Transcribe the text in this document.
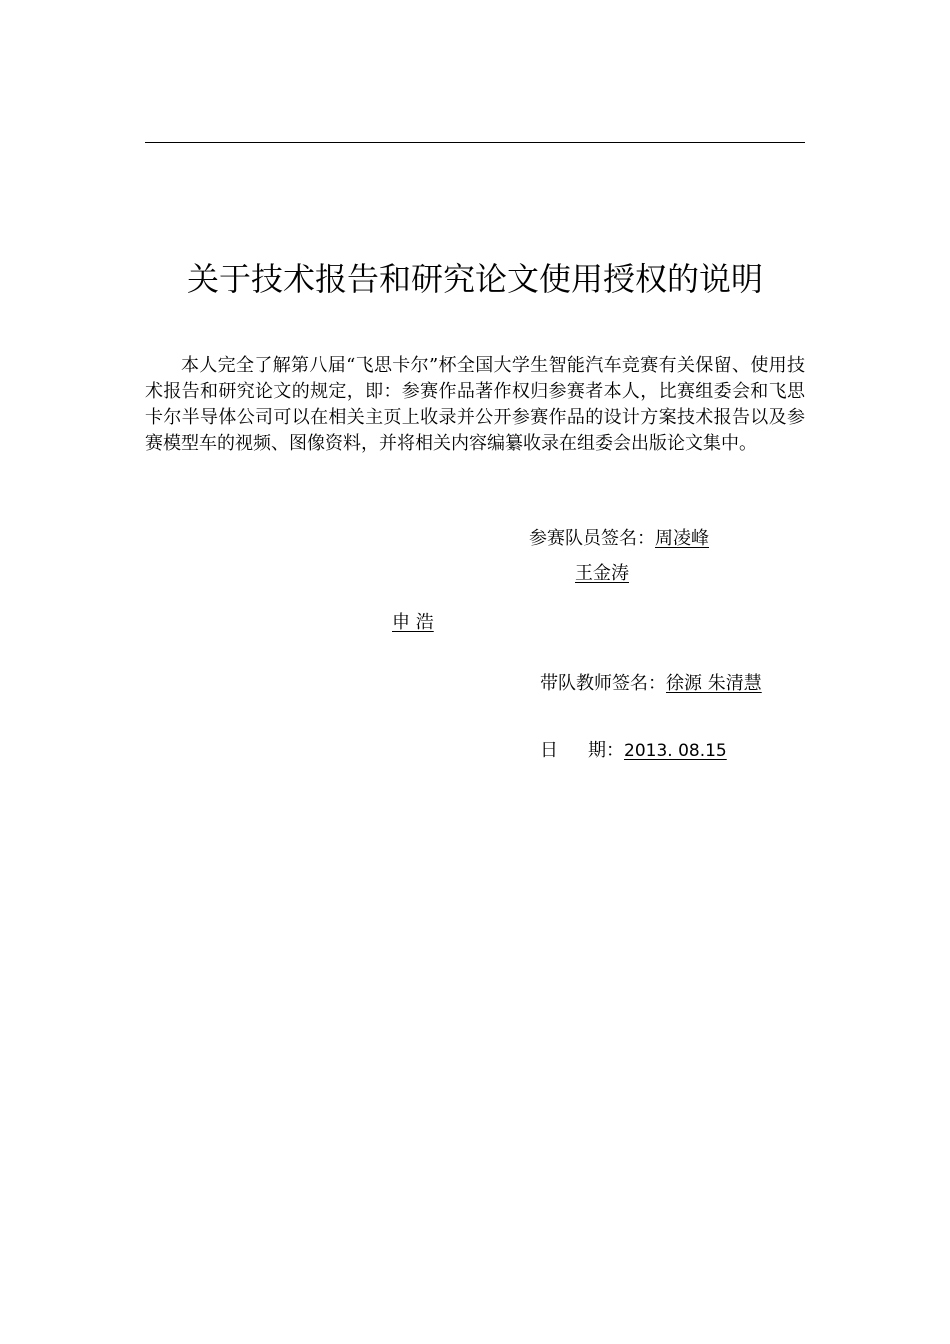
关于技术报告和研究论文使用授权的说明

本人完全了解第八届“飞思卡尔”杯全国大学生智能汽车竞赛有关保留、使用技术报告和研究论文的规定，即：参赛作品著作权归参赛者本人，比赛组委会和飞思卡尔半导体公司可以在相关主页上收录并公开参赛作品的设计方案技术报告以及参赛模型车的视频、图像资料，并将相关内容编纂收录在组委会出版论文集中。

参赛队员签名：周凌峰
王金涛
申 浩
带队教师签名：徐源 朱清慧
日 期：2013. 08.15
